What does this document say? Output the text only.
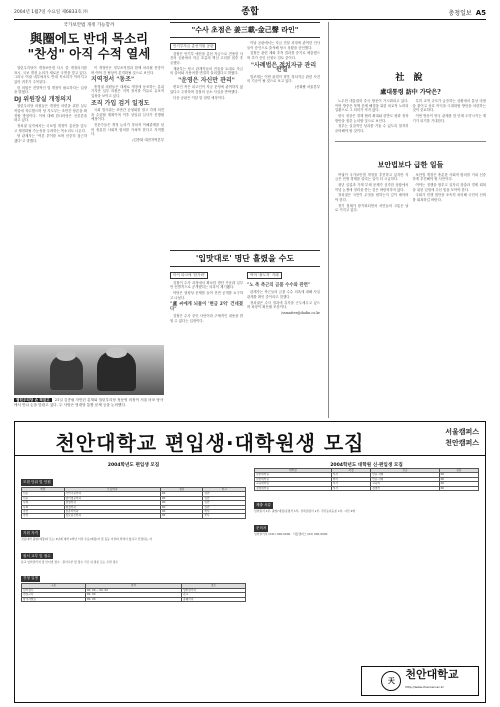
2004년 1월7일 수요일 제6833호 ㈜	종합	충청일보 A5
국가보안법 개정 가능할까
與圈에도 반대 목소리
"찬성" 아직 수적 열세

열린우리당이 개정보안법 다시 쓸 개정의지를 표시, 국보 개정 논의가 새로운 국면을 맞고 있다. 그러나 여권 내부에서도 반대 목소리가 이어지고 있어 귀추가 주목된다.

한 의원은 전향적인 법 개정이 필요하다는 입장을 밝혔다.

DJ 위원장실 개정의지

열린우리당 의원들은 개정안 마련을 위한 실무 작업에 착수했으며 당 지도부는 조만간 당론을 확정할 방침이다. 이에 대해 한나라당은 신중론을 펴고 있다.

정치권 일각에서는 국보법 개정이 총선을 앞두고 쟁점화될 가능성을 우려하는 목소리도 나온다.

당 관계자는 "여론 추이를 보며 신중히 접근하겠다"고 말했다.

이 개정안은 정부조직법과 함께 처리될 전망이며 여야 간 협상이 본격화될 것으로 보인다.

지역정서 "동조"

충청권 의원들은 대체로 개정에 동조하는 분위기지만 일부 의원은 지역 정서를 이유로 유보적 입장을 보이고 있다.

조직 가입 검거 일정도

국회 법사위는 조만간 공청회를 열고 각계 의견을 수렴할 계획이며 이후 상임위 심사가 진행될 예정이다.

전문가들은 개정 논의가 정치적 이해관계를 넘어 충분한 사회적 합의를 거쳐야 한다고 지적했다.

/김종화 대전지역본부
열린우리당 손 꼭잡고 21일 김종필 자민련 총재와 열린우리당 정동영 의장이 서울 마포 당사에서 만나 손을 맞잡고 있다. 두 사람은 당대당 통합 문제 등을 논의했다.
"수사 초점은 姜三載-金己聲 라인"
안기부자금 총선지원 공판

검찰은 안기부 예산을 총선 자금으로 전용한 사건의 공판에서 자금 흐름의 핵심 고리를 집중 추궁했다.

재판부는 당시 관계자들의 진술을 토대로 자금의 출처와 사용처를 면밀히 살피겠다고 밝혔다.

"운영은 자신만 관리"

변호인 측은 피고인이 자금 운영에 관여하지 않았다고 주장하며 검찰의 공소 사실을 반박했다.

다음 공판은 이달 말 열릴 예정이다.

이날 공판에서는 자금 전달 과정에 관여한 인사들이 증인으로 출석해 당시 상황을 증언했다.

검찰은 관련 계좌 추적 결과를 증거로 제출했으며 추가 증인 신청도 검토 중이다.

"사례법은 정치자금 관리 판결"

법조계는 이번 판결이 향후 정치자금 관련 사건의 기준이 될 것으로 보고 있다.

/신희팔 서울본부
'입맛대로' 명단 흘렸을 수도
아이 파크에 '한가락'

검찰이 수사 과정에서 확보한 명단 가운데 일부만 선별적으로 공개했다는 의혹이 제기됐다.

야당은 형평성 문제를 들어 전면 공개를 요구하고 나섰다.

"盧 씨에게 뇌물이 '현금 2억' 건네졌다"

검찰은 수사 중인 사안이라 구체적인 내용을 밝힐 수 없다는 입장이다.

여야 '불도저' 거래
"노 측 측근의 금품 수수와 관련"

관계자는 측근들의 금품 수수 의혹에 대해 사실 관계를 확인 중이라고 말했다.

정치권은 수사 결과에 촉각을 곤두세우고 있으며 파장이 확산될 조짐이다.

/ssmatter@dadin.co.kr
社 說
盧대통령 訪中 가닥은?

노무현 대통령의 중국 방문이 가시화되고 있다. 이번 방중은 북핵 문제 해결을 위한 외교적 노력의 일환으로 그 의미가 적지 않다.

양국 정상은 경제 협력 확대와 한반도 평화 정착 방안을 집중 논의할 것으로 보인다.

정부는 실질적인 성과를 거둘 수 있도록 철저히 준비해야 할 것이다.

특히 교역 규모가 급증하는 상황에서 통상 마찰을 줄이고 상호 이익을 극대화할 방안을 마련하는 것이 중요하다.

이번 방문이 양국 관계를 한 단계 도약시키는 계기가 되기를 기대한다.

보안법보다 급한 일들

여권이 국가보안법 개정을 추진하고 있지만 지금은 민생 경제를 살리는 일이 더 시급하다.

청년 실업과 가계 부채 문제가 심각한 상황에서 이념 논쟁에 정력을 쏟는 것은 바람직하지 않다.

정치권은 국민이 무엇을 원하는지 깊이 헤아려야 한다.

경기 침체가 장기화되면서 서민들의 고통은 날로 커지고 있다.

보안법 개정은 충분한 사회적 합의를 거쳐 신중하게 추진해야 할 사안이다.

여야는 정쟁을 멈추고 일자리 창출과 경제 회복을 위한 입법에 우선 힘을 모아야 한다.

국회가 민생 법안을 조속히 처리해 국민의 신뢰를 회복하길 바란다.

천안대학교 편입생·대학원생 모집	서울캠퍼스
천안캠퍼스
2004학년도 편입생 모집
모집 단위 및 인원
계열	모집학과	정원	비고
인문	국어국문학과	00	일반
인문	영어영문학과	00	일반
사회	경영학과	00	일반
사회	행정학과	00	일반
자연	컴퓨터학과	00	학사
자연	정보통신학과	00	학사
지원 자격
전문대학 졸업(예정)자 또는 4년제 대학 2학년 이상 수료(예정)자 및 동등 이상의 학력이 있다고 인정되는 자
원서 교부 및 접수
본교 입학관리처 및 인터넷 접수 · 원서교부 및 접수 기간 내 방문 또는 우편 접수
전형 일정
구분	일자	장소
원서접수	00. 00 ~ 00. 00	입학관리처
면접고사	00. 00	본교
합격자발표	00. 00	홈페이지
2004학년도 대학원 신·편입생 모집
대학원	과정	전공	정원
일반대학원	석사	인문·사회	00
일반대학원	박사	인문·사회	00
교육대학원	석사	교육학	00
경영대학원	석사	경영학	00
제출 서류
입학원서 1부, 졸업(예정)증명서 1부, 성적증명서 1부, 주민등록등본 1부, 사진 2매
문의처
입학관리처 (041) 000-0000 · 서울캠퍼스 (02) 000-0000
天 천안대학교
http://www.cheonan.ac.kr
